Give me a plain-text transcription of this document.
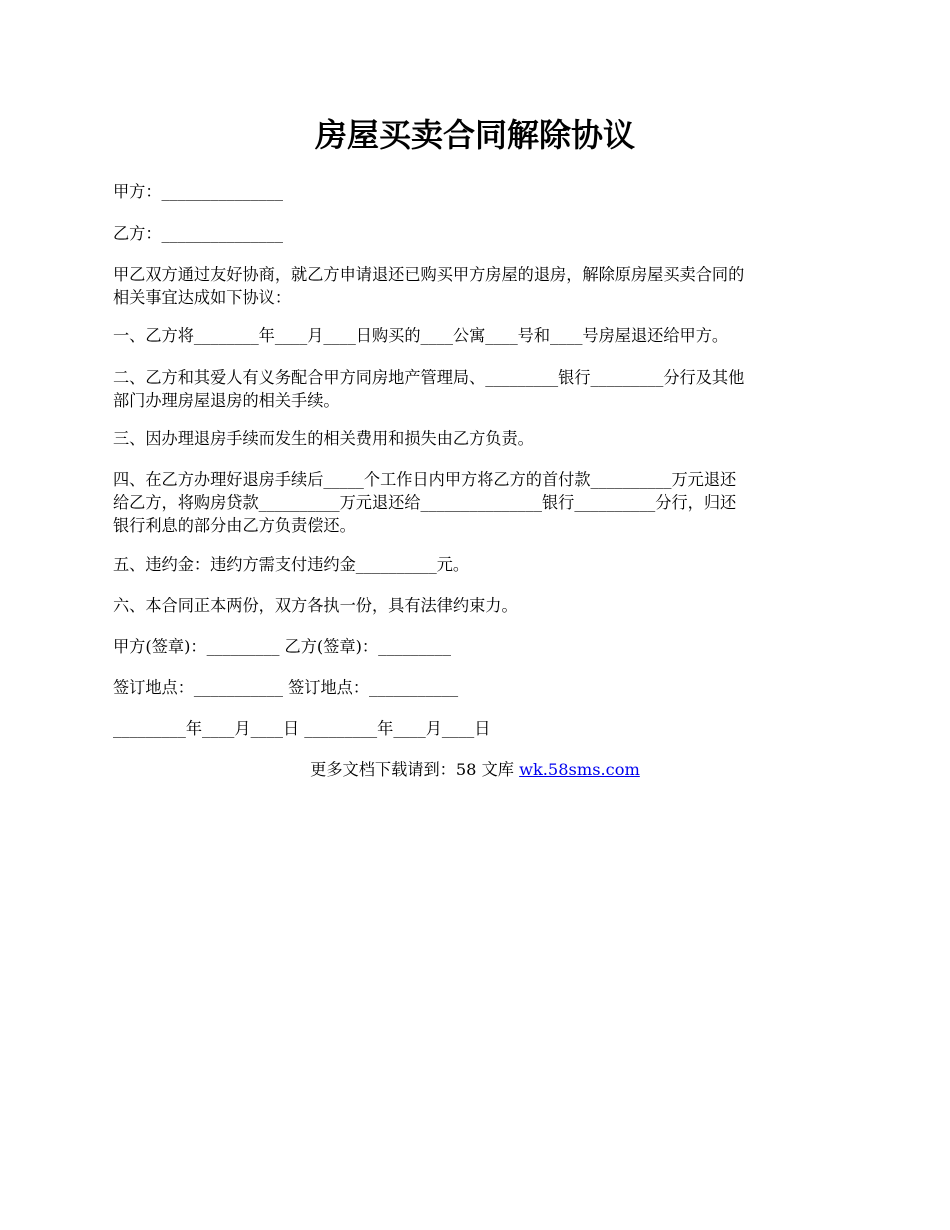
房屋买卖合同解除协议

甲方：_______________

乙方：_______________

甲乙双方通过友好协商，就乙方申请退还已购买甲方房屋的退房，解除原房屋买卖合同的
相关事宜达成如下协议：

一、乙方将________年____月____日购买的____公寓____号和____号房屋退还给甲方。

二、乙方和其爱人有义务配合甲方同房地产管理局、_________银行_________分行及其他
部门办理房屋退房的相关手续。

三、因办理退房手续而发生的相关费用和损失由乙方负责。

四、在乙方办理好退房手续后_____个工作日内甲方将乙方的首付款__________万元退还
给乙方，将购房贷款__________万元退还给_______________银行__________分行，归还
银行利息的部分由乙方负责偿还。

五、违约金：违约方需支付违约金__________元。

六、本合同正本两份，双方各执一份，具有法律约束力。

甲方(签章)：_________ 乙方(签章)：_________

签订地点：___________ 签订地点：___________

_________年____月____日 _________年____月____日

更多文档下载请到：58 文库 wk.58sms.com
